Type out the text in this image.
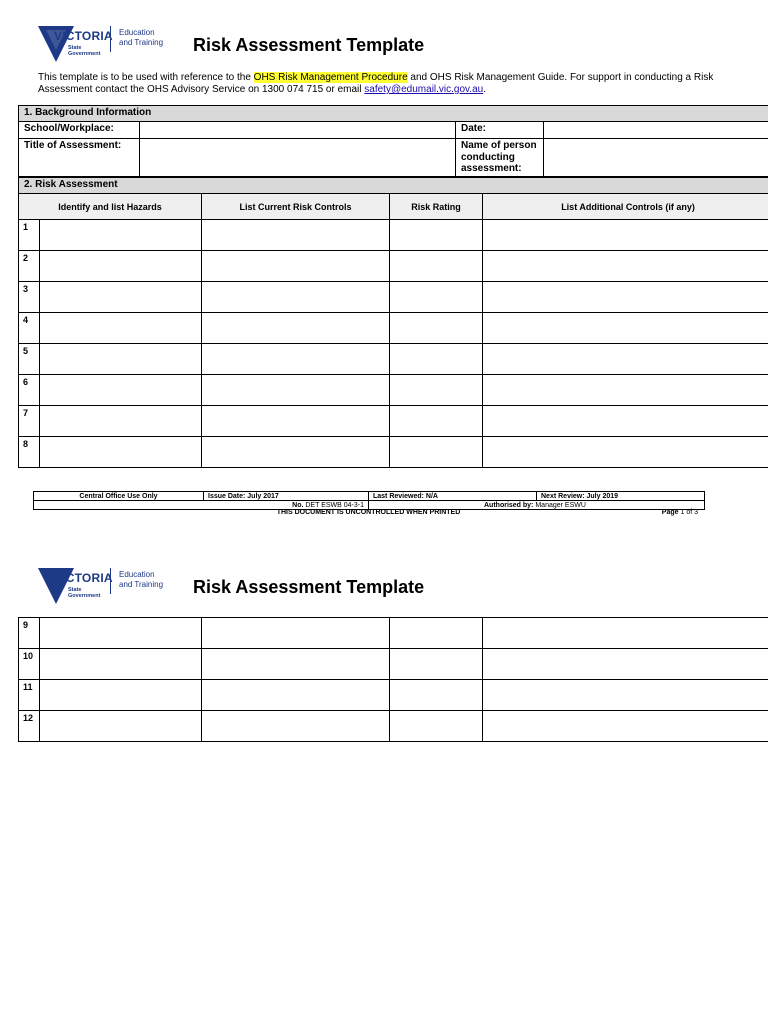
VICTORIA
State
Government
Education
and Training	Risk Assessment Template
This template is to be used with reference to the OHS Risk Management Procedure and OHS Risk Management Guide. For support in conducting a Risk Assessment contact the OHS Advisory Service on 1300 074 715 or email safety@edumail.vic.gov.au.
1. Background Information			
School/Workplace:		Date:	
Title of Assessment:		Name of person conducting assessment:	
2. Risk Assessment				
Identify and list Hazards		List Current Risk Controls	Risk Rating	List Additional Controls (if any)
1				
2				
3				
4				
5				
6				
7				
8				
Central Office Use Only	Issue Date: July 2017	Last Reviewed: N/A	Next Review: July 2019
No. DET ESWB 04-3-1		Authorised by: Manager ESWU	
THIS DOCUMENT IS UNCONTROLLED WHEN PRINTED	Page 1 of 3
VICTORIA
State
Government
Education
and Training	Risk Assessment Template
9				
10				
11				
12				
